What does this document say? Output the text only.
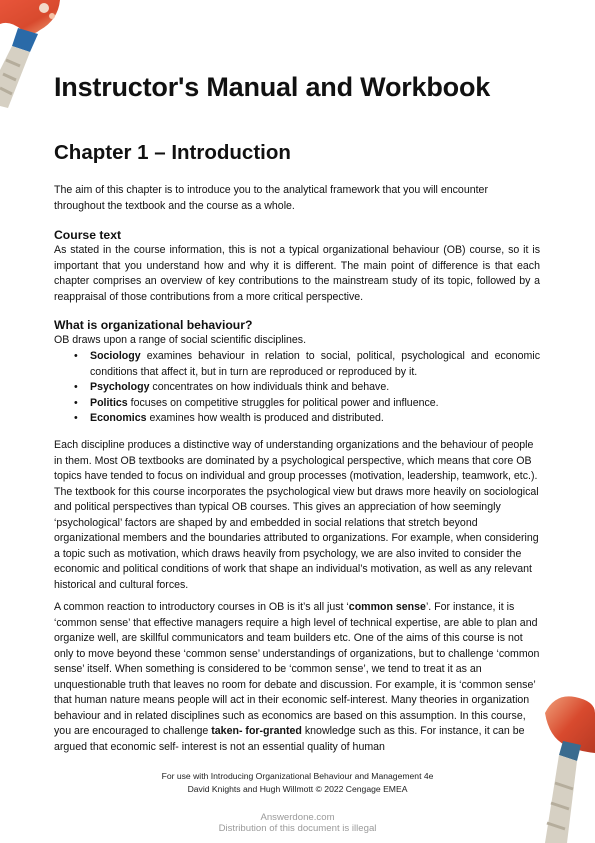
Instructor's Manual and Workbook
Chapter 1 – Introduction

The aim of this chapter is to introduce you to the analytical framework that you will encounter throughout the textbook and the course as a whole.

Course text

As stated in the course information, this is not a typical organizational behaviour (OB) course, so it is important that you understand how and why it is different. The main point of difference is that each chapter comprises an overview of key contributions to the mainstream study of its topic, followed by a reappraisal of those contributions from a more critical perspective.

What is organizational behaviour?

OB draws upon a range of social scientific disciplines.

• Sociology examines behaviour in relation to social, political, psychological and economic conditions that affect it, but in turn are reproduced or reproduced by it.
• Psychology concentrates on how individuals think and behave.
• Politics focuses on competitive struggles for political power and influence.
• Economics examines how wealth is produced and distributed.

Each discipline produces a distinctive way of understanding organizations and the behaviour of people in them. Most OB textbooks are dominated by a psychological perspective, which means that core OB topics have tended to focus on individual and group processes (motivation, leadership, teamwork, etc.). The textbook for this course incorporates the psychological view but draws more heavily on sociological and political perspectives than typical OB courses. This gives an appreciation of how seemingly ‘psychological’ factors are shaped by and embedded in social relations that stretch beyond organizational members and the boundaries attributed to organizations. For example, when considering a topic such as motivation, which draws heavily from psychology, we are also invited to consider the economic and political conditions of work that shape an individual’s motivation, as well as any relevant historical and cultural forces.

A common reaction to introductory courses in OB is it’s all just ‘common sense’. For instance, it is ‘common sense’ that effective managers require a high level of technical expertise, are able to plan and organize well, are skillful communicators and team builders etc. One of the aims of this course is not only to move beyond these ‘common sense’ understandings of organizations, but to challenge ‘common sense’ itself. When something is considered to be ‘common sense’, we tend to treat it as an unquestionable truth that leaves no room for debate and discussion. For example, it is ‘common sense’ that human nature means people will act in their economic self-interest. Many theories in organization behaviour and in related disciplines such as economics are based on this assumption. In this course, you are encouraged to challenge taken- for-granted knowledge such as this. For instance, it can be argued that economic self- interest is not an essential quality of human

For use with Introducing Organizational Behaviour and Management 4e
David Knights and Hugh Willmott © 2022 Cengage EMEA
Answerdone.com
Distribution of this document is illegal
